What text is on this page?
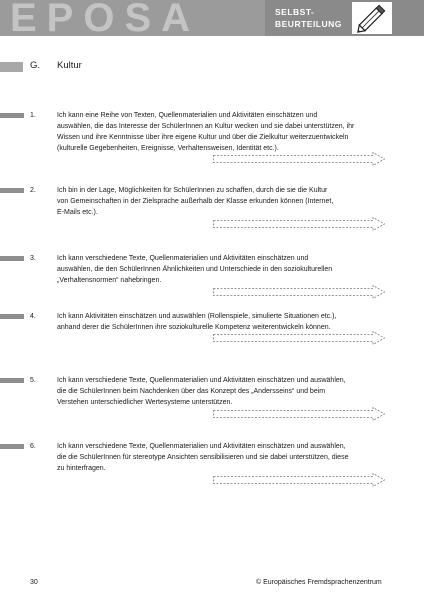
EPOSA	SELBST-
BEURTEILUNG
G. Kultur
1.	Ich kann eine Reihe von Texten, Quellenmaterialien und Aktivitäten einschätzen und
auswählen, die das Interesse der SchülerInnen an Kultur wecken und sie dabei unterstützen, ihr
Wissen und ihre Kenntnisse über ihre eigene Kultur und über die Zielkultur weiterzuentwickeln
(kulturelle Gegebenheiten, Ereignisse, Verhaltensweisen, Identität etc.).
2.	Ich bin in der Lage, Möglichkeiten für SchülerInnen zu schaffen, durch die sie die Kultur
von Gemeinschaften in der Zielsprache außerhalb der Klasse erkunden können (Internet,
E-Mails etc.).
3.	Ich kann verschiedene Texte, Quellenmaterialien und Aktivitäten einschätzen und
auswählen, die den SchülerInnen Ähnlichkeiten und Unterschiede in den soziokulturellen
„Verhaltensnormen“ nahebringen.
4.	Ich kann Aktivitäten einschätzen und auswählen (Rollenspiele, simulierte Situationen etc.),
anhand derer die SchülerInnen ihre soziokulturelle Kompetenz weiterentwickeln können.
5.	Ich kann verschiedene Texte, Quellenmaterialien und Aktivitäten einschätzen und auswählen,
die die SchülerInnen beim Nachdenken über das Konzept des „Andersseins“ und beim
Verstehen unterschiedlicher Wertesysteme unterstützen.
6.	Ich kann verschiedene Texte, Quellenmaterialien und Aktivitäten einschätzen und auswählen,
die die SchülerInnen für stereotype Ansichten sensibilisieren und sie dabei unterstützen, diese
zu hinterfragen.
30	© Europäisches Fremdsprachenzentrum
